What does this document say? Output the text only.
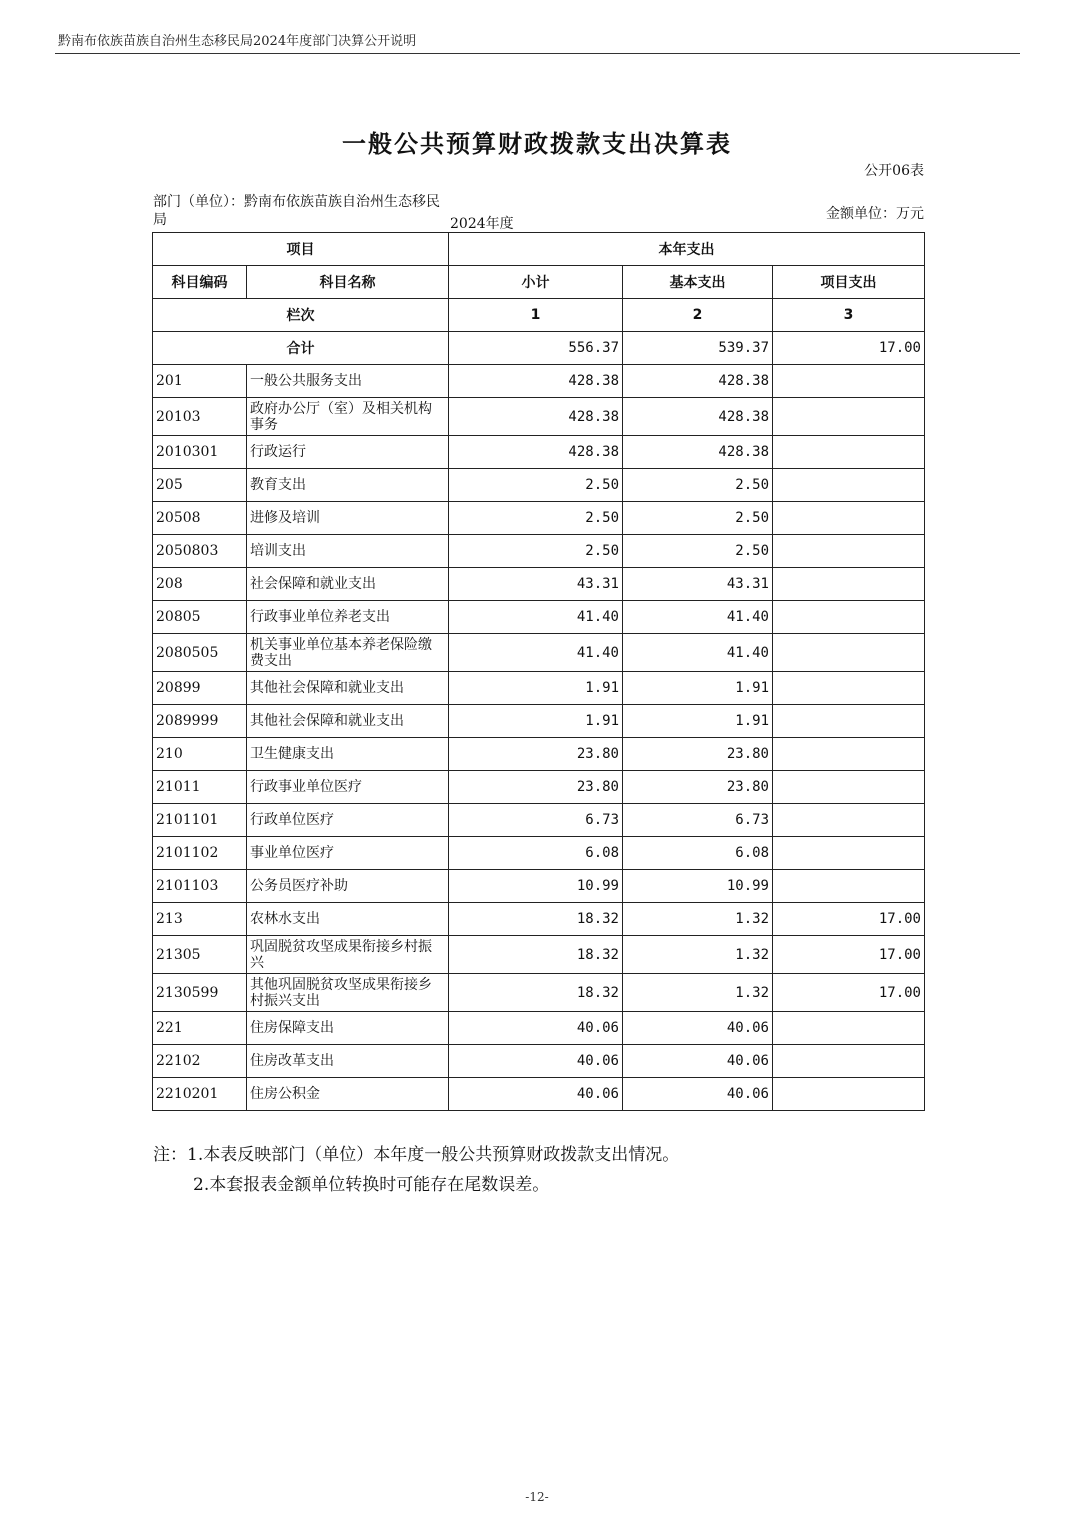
黔南布依族苗族自治州生态移民局2024年度部门决算公开说明
一般公共预算财政拨款支出决算表
公开06表
部门（单位）：黔南布依族苗族自治州生态移民局	2024年度
金额单位：万元
项目		本年支出		
科目编码	科目名称	小计	基本支出	项目支出
栏次		1	2	3
合计		556.37	539.37	17.00
201	一般公共服务支出	428.38	428.38	
20103	政府办公厅（室）及相关机构事务	428.38	428.38	
2010301	行政运行	428.38	428.38	
205	教育支出	2.50	2.50	
20508	进修及培训	2.50	2.50	
2050803	培训支出	2.50	2.50	
208	社会保障和就业支出	43.31	43.31	
20805	行政事业单位养老支出	41.40	41.40	
2080505	机关事业单位基本养老保险缴费支出	41.40	41.40	
20899	其他社会保障和就业支出	1.91	1.91	
2089999	其他社会保障和就业支出	1.91	1.91	
210	卫生健康支出	23.80	23.80	
21011	行政事业单位医疗	23.80	23.80	
2101101	行政单位医疗	6.73	6.73	
2101102	事业单位医疗	6.08	6.08	
2101103	公务员医疗补助	10.99	10.99	
213	农林水支出	18.32	1.32	17.00
21305	巩固脱贫攻坚成果衔接乡村振兴	18.32	1.32	17.00
2130599	其他巩固脱贫攻坚成果衔接乡村振兴支出	18.32	1.32	17.00
221	住房保障支出	40.06	40.06	
22102	住房改革支出	40.06	40.06	
2210201	住房公积金	40.06	40.06	
注：1.本表反映部门（单位）本年度一般公共预算财政拨款支出情况。
2.本套报表金额单位转换时可能存在尾数误差。
-12-
